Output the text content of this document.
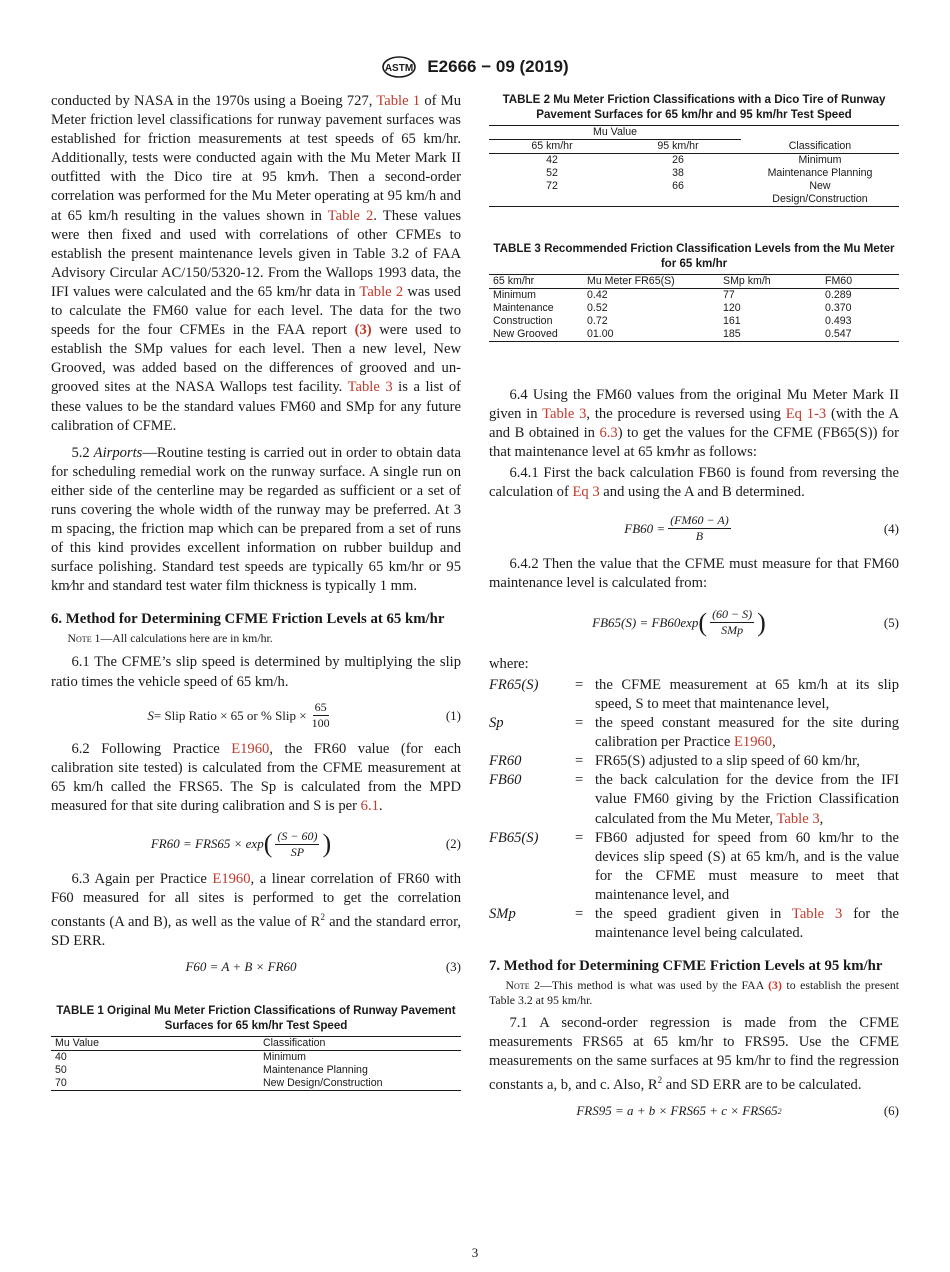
ASTM E2666 − 09 (2019)

conducted by NASA in the 1970s using a Boeing 727, Table 1 of Mu Meter friction level classifications for runway pavement surfaces was established for friction measurements at test speeds of 65 km/hr. Additionally, tests were conducted again with the Mu Meter Mark II outfitted with the Dico tire at 95 km⁄h. Then a second-order correlation was performed for the Mu Meter operating at 95 km/h and at 65 km/h resulting in the values shown in Table 2. These values were then fixed and used with correlations of other CFMEs to establish the present maintenance levels given in Table 3.2 of FAA Advisory Circular AC/150/5320-12. From the Wallops 1993 data, the IFI values were calculated and the 65 km/hr data in Table 2 was used to calculate the FM60 value for each level. The data for the two speeds for the four CFMEs in the FAA report (3) were used to establish the SMp values for each level. Then a new level, New Grooved, was added based on the differences of grooved and un-grooved sites at the NASA Wallops test facility. Table 3 is a list of these values to be the standard values FM60 and SMp for any future calibration of CFME.

5.2 Airports—Routine testing is carried out in order to obtain data for scheduling remedial work on the runway surface. A single run on either side of the centerline may be regarded as sufficient or a set of runs covering the whole width of the runway may be preferred. At 3 m spacing, the friction map which can be prepared from a set of runs of this kind provides excellent information on rubber buildup and surface polishing. Standard test speeds are typically 65 km/hr or 95 km⁄hr and standard test water film thickness is typically 1 mm.

6. Method for Determining CFME Friction Levels at 65 km/hr
Note 1—All calculations here are in km/hr.

6.1 The CFME’s slip speed is determined by multiplying the slip ratio times the vehicle speed of 65 km/h.

S = Slip Ratio × 65 or % Slip × $\frac{65}{100}$	(1)

6.2 Following Practice E1960, the FR60 value (for each calibration site tested) is calculated from the CFME measurement at 65 km/h called the FRS65. The Sp is calculated from the MPD measured for that site during calibration and S is per 6.1.

FR60 = FRS65 × exp ( $\frac{(S - 60)}{SP}$ )	(2)

6.3 Again per Practice E1960, a linear correlation of FR60 with F60 measured for all sites is performed to get the correlation constants (A and B), as well as the value of $R^2$ and the standard error, SD ERR.

F60 = A + B × FR60	(3)
TABLE 1 Original Mu Meter Friction Classifications of Runway Pavement Surfaces for 65 km/hr Test Speed
Mu Value	Classification
40	Minimum
50	Maintenance Planning
70	New Design/Construction
TABLE 2 Mu Meter Friction Classifications with a Dico Tire of Runway Pavement Surfaces for 65 km/hr and 95 km/hr Test Speed
Mu Value		Classification
65 km/hr	95 km/hr	
42	26	Minimum
52	38	Maintenance Planning
72	66	New Design/Construction
TABLE 3 Recommended Friction Classification Levels from the Mu Meter for 65 km/hr
65 km/hr	Mu Meter FR65(S)	SMp km/h	FM60
Minimum	0.42	77	0.289
Maintenance	0.52	120	0.370
Construction	0.72	161	0.493
New Grooved	01.00	185	0.547

6.4 Using the FM60 values from the original Mu Meter Mark II given in Table 3, the procedure is reversed using Eq 1-3 (with the A and B obtained in 6.3) to get the values for the CFME (FB65(S)) for that maintenance level at 65 km⁄hr as follows:

6.4.1 First the back calculation FB60 is found from reversing the calculation of Eq 3 and using the A and B determined.

$FB60 = \frac{(FM60 - A)}{B}$	(4)

6.4.2 Then the value that the CFME must measure for that FM60 maintenance level is calculated from:

FB65(S) = FB60exp ( $\frac{(60 - S)}{\text{SMp}}$ )	(5)

where:

FR65(S)	= the CFME measurement at 65 km/h at its slip speed, S to meet that maintenance level,
Sp	= the speed constant measured for the site during calibration per Practice E1960,
FR60	= FR65(S) adjusted to a slip speed of 60 km/hr,
FB60	= the back calculation for the device from the IFI value FM60 giving by the Friction Classification calculated from the Mu Meter, Table 3,
FB65(S)	= FB60 adjusted for speed from 60 km/hr to the devices slip speed (S) at 65 km/h, and is the value for the CFME must measure to meet that maintenance level, and
SMp	= the speed gradient given in Table 3 for the maintenance level being calculated.
7. Method for Determining CFME Friction Levels at 95 km/hr
Note 2—This method is what was used by the FAA (3) to establish the present Table 3.2 at 95 km/hr.

7.1 A second-order regression is made from the CFME measurements FRS65 at 65 km/hr to FRS95. Use the CFME measurements on the same surfaces at 95 km/hr to find the regression constants a, b, and c. Also, $R^2$ and SD ERR are to be calculated.

FRS95 = a + b × FRS65 + c × FRS65 2	(6)
3
